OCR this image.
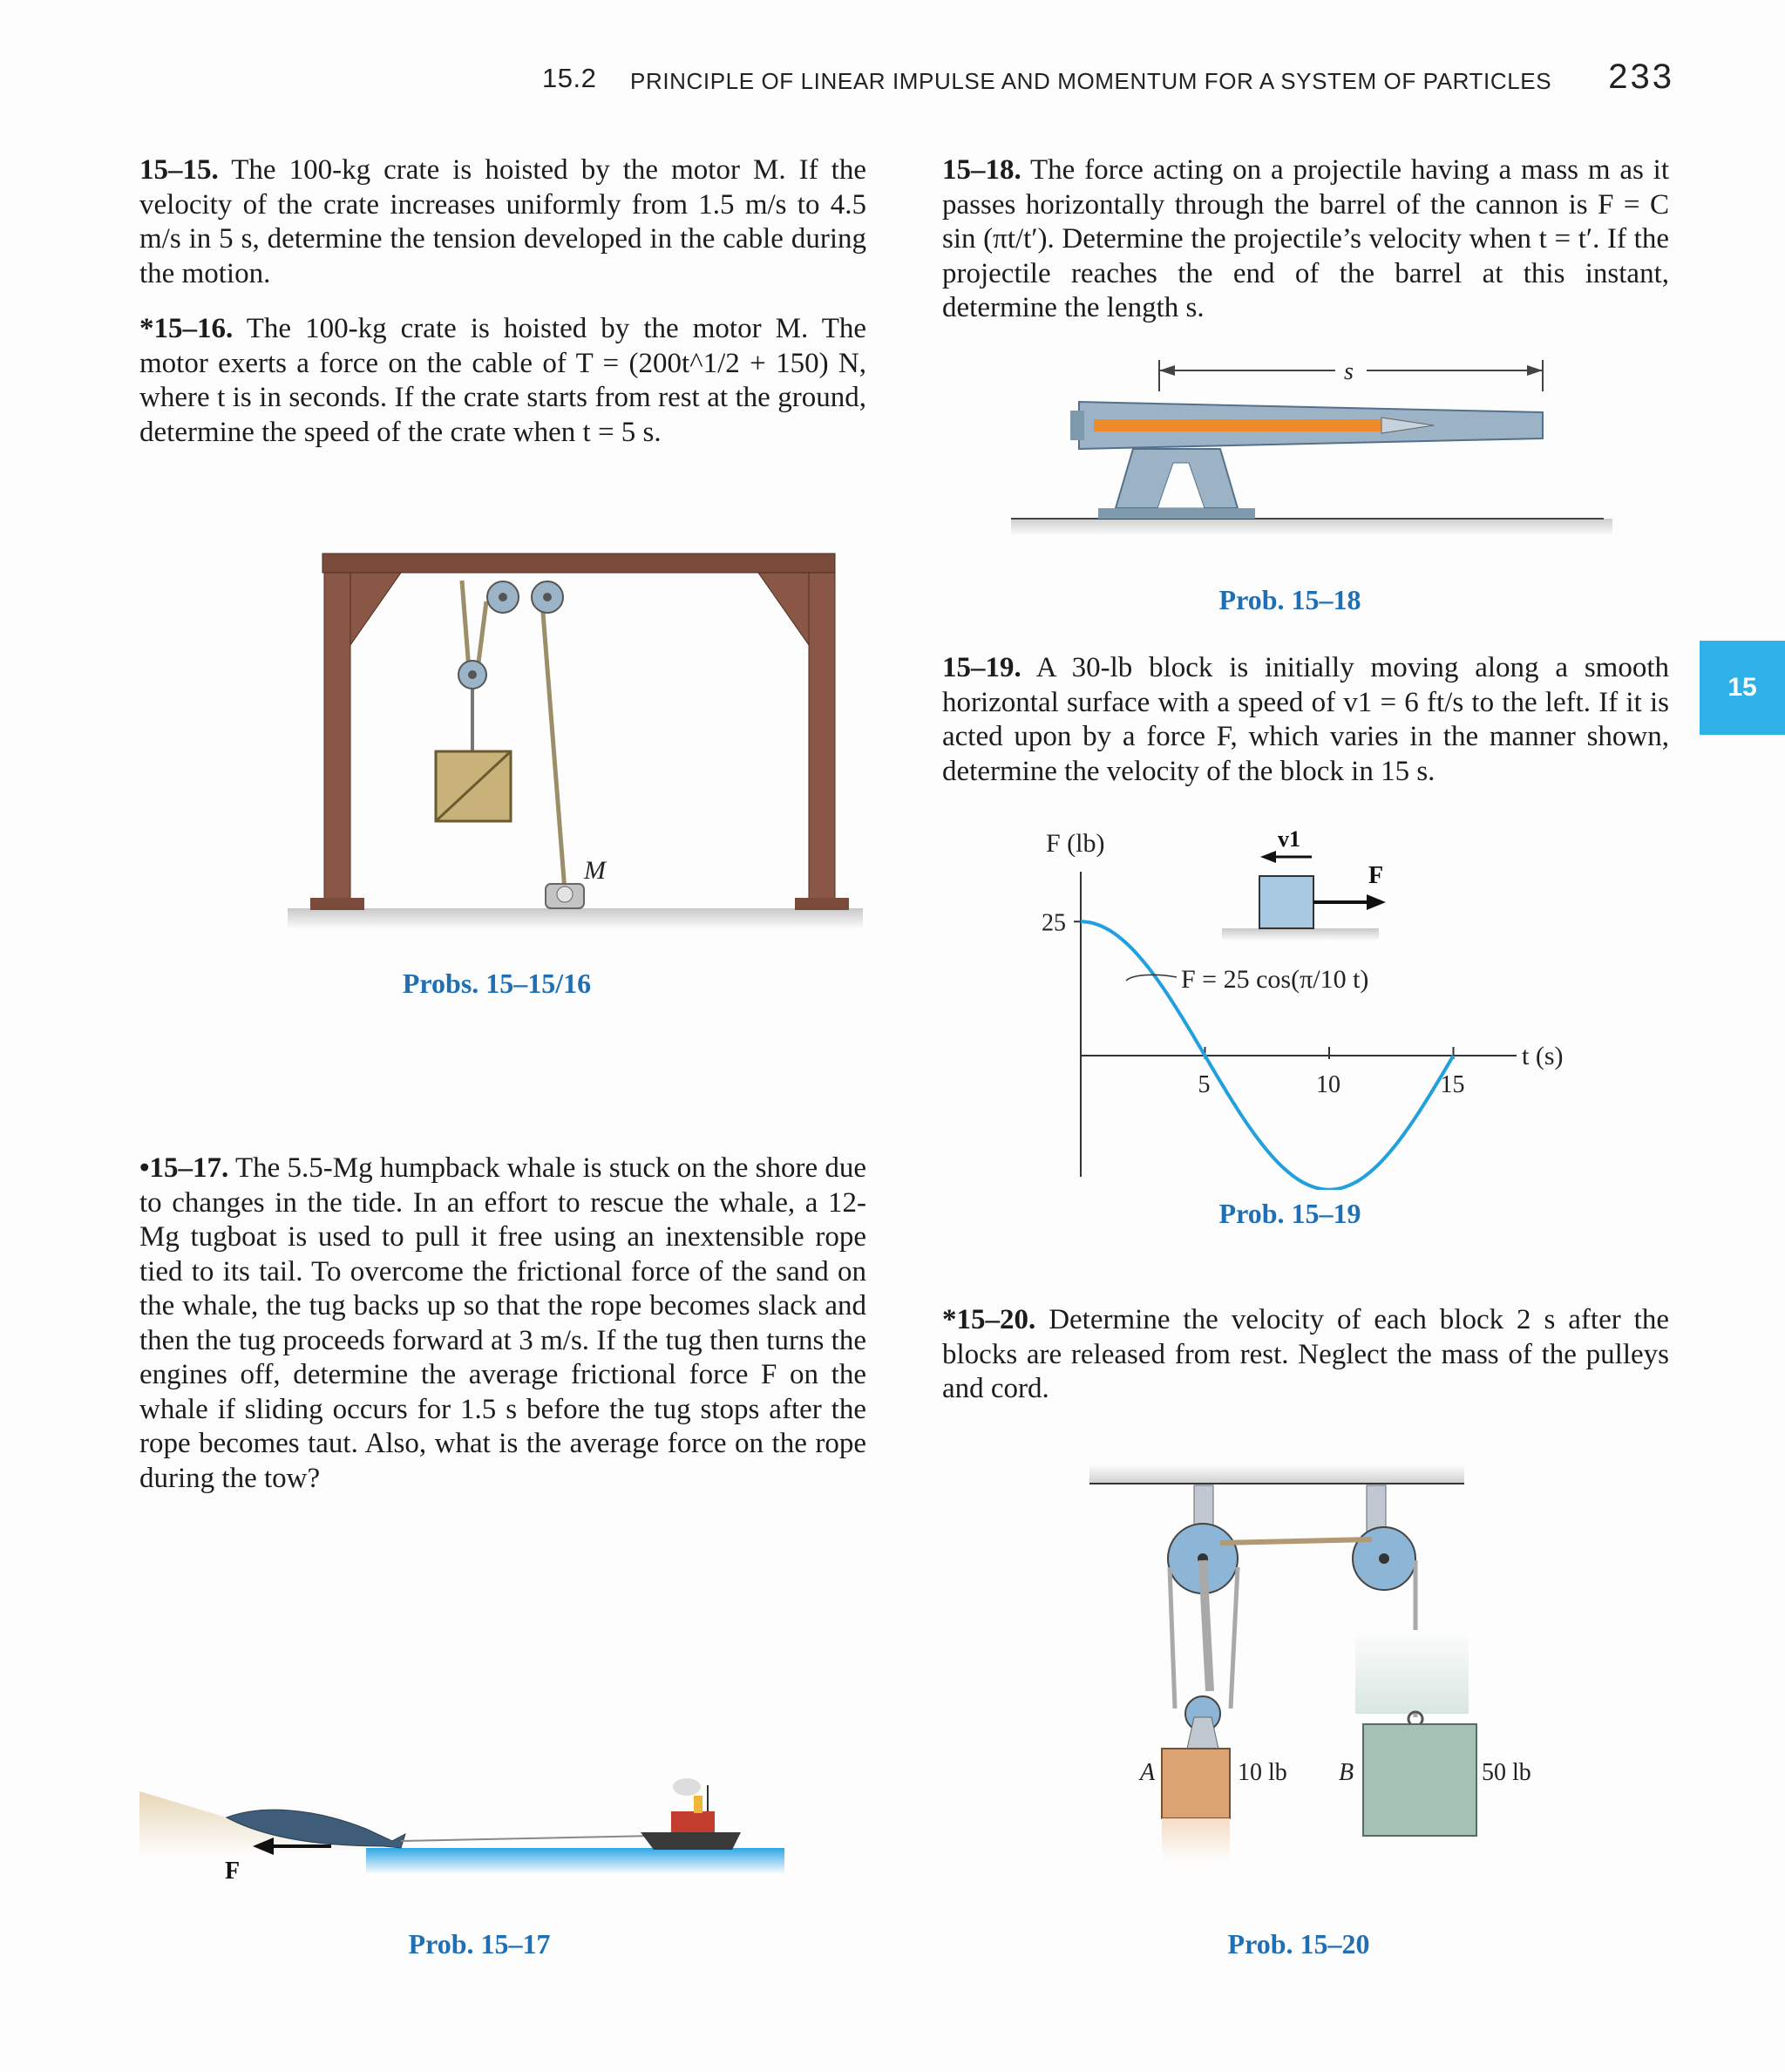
15.2 PRINCIPLE OF LINEAR IMPULSE AND MOMENTUM FOR A SYSTEM OF PARTICLES 233
15–15. The 100-kg crate is hoisted by the motor M. If the velocity of the crate increases uniformly from 1.5 m/s to 4.5 m/s in 5 s, determine the tension developed in the cable during the motion.
*15–16. The 100-kg crate is hoisted by the motor M. The motor exerts a force on the cable of T = (200t^1/2 + 150) N, where t is in seconds. If the crate starts from rest at the ground, determine the speed of the crate when t = 5 s.
M
Probs. 15–15/16
•15–17. The 5.5-Mg humpback whale is stuck on the shore due to changes in the tide. In an effort to rescue the whale, a 12-Mg tugboat is used to pull it free using an inextensible rope tied to its tail. To overcome the frictional force of the sand on the whale, the tug backs up so that the rope becomes slack and then the tug proceeds forward at 3 m/s. If the tug then turns the engines off, determine the average frictional force F on the whale if sliding occurs for 1.5 s before the tug stops after the rope becomes taut. Also, what is the average force on the rope during the tow?
F
Prob. 15–17
15–18. The force acting on a projectile having a mass m as it passes horizontally through the barrel of the cannon is F = C sin (πt/t′). Determine the projectile’s velocity when t = t′. If the projectile reaches the end of the barrel at this instant, determine the length s.
s
Prob. 15–18
15–19. A 30-lb block is initially moving along a smooth horizontal surface with a speed of v1 = 6 ft/s to the left. If it is acted upon by a force F, which varies in the manner shown, determine the velocity of the block in 15 s.
15
F (lb)
t (s)
5	10	15
25
F = 25 cos(π/10 t)
F
v1
Prob. 15–19
*15–20. Determine the velocity of each block 2 s after the blocks are released from rest. Neglect the mass of the pulleys and cord.
A	10 lb B	50 lb
Prob. 15–20
